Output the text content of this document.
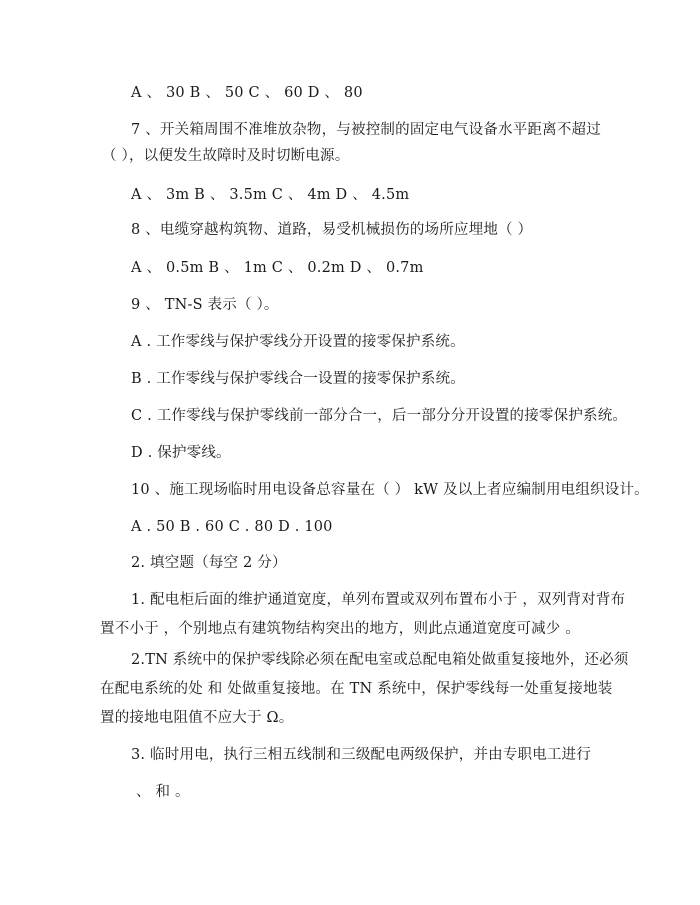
A 、 30 B 、 50 C 、 60 D 、 80
7 、开关箱周围不准堆放杂物，与被控制的固定电气设备水平距离不超过
（ ），以便发生故障时及时切断电源。
A 、 3m B 、 3.5m C 、 4m D 、 4.5m
8 、电缆穿越构筑物、道路，易受机械损伤的场所应埋地（ ）
A 、 0.5m B 、 1m C 、 0.2m D 、 0.7m
9 、 TN-S 表示（ ）。
A . 工作零线与保护零线分开设置的接零保护系统。
B . 工作零线与保护零线合一设置的接零保护系统。
C . 工作零线与保护零线前一部分合一，后一部分分开设置的接零保护系统。
D . 保护零线。
10 、施工现场临时用电设备总容量在（ ） kW 及以上者应编制用电组织设计。
A . 50 B . 60 C . 80 D . 100
2. 填空题（每空 2 分）
1. 配电柜后面的维护通道宽度，单列布置或双列布置布小于 ，双列背对背布
置不小于 ，个别地点有建筑物结构突出的地方，则此点通道宽度可减少 。
2.TN 系统中的保护零线除必须在配电室或总配电箱处做重复接地外，还必须
在配电系统的处 和 处做重复接地。在 TN 系统中，保护零线每一处重复接地装
置的接地电阻值不应大于 Ω。
3. 临时用电，执行三相五线制和三级配电两级保护，并由专职电工进行
、 和 。
